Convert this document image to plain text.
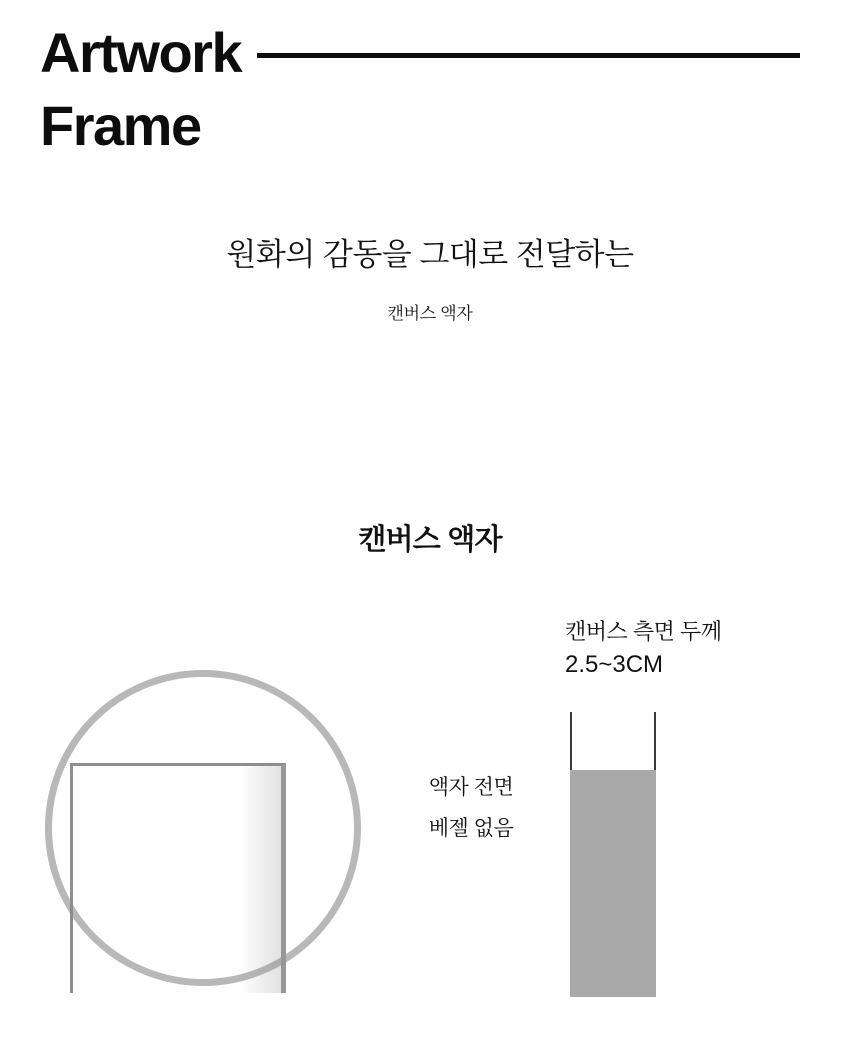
Artwork
Frame
원화의 감동을 그대로 전달하는
캔버스 액자
캔버스 액자
액자 전면
베젤 없음
캔버스 측면 두께
2.5~3CM
